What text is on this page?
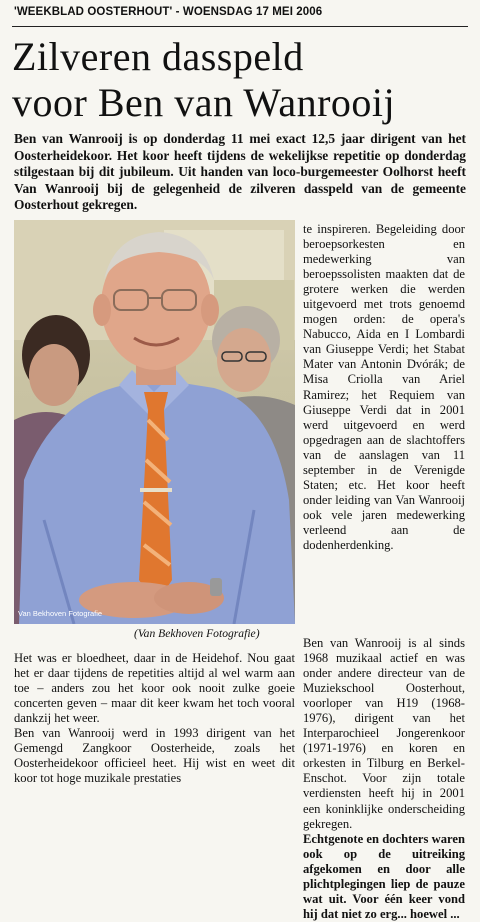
'WEEKBLAD OOSTERHOUT' - WOENSDAG 17 MEI 2006
Zilveren dasspeld
voor Ben van Wanrooij

Ben van Wanrooij is op donderdag 11 mei exact 12,5 jaar dirigent van het Oosterheidekoor. Het koor heeft tijdens de wekelijkse repetitie op donderdag stilgestaan bij dit jubileum. Uit handen van loco-burgemeester Oolhorst heeft Van Wanrooij bij de gelegenheid de zilveren dasspeld van de gemeente Oosterhout gekregen.

Van Bekhoven Fotografie
(Van Bekhoven Fotografie)

te inspireren. Begeleiding door beroepsorkesten en medewerking van beroepssolisten maakten dat de grotere werken die werden uitgevoerd met trots genoemd mogen orden: de opera's Nabucco, Aida en I Lombardi van Giuseppe Verdi; het Stabat Mater van Antonin Dvórák; de Misa Criolla van Ariel Ramirez; het Requiem van Giuseppe Verdi dat in 2001 werd uitgevoerd en werd opgedragen aan de slachtoffers van de aanslagen van 11 september in de Verenigde Staten; etc. Het koor heeft onder leiding van Van Wanrooij ook vele jaren medewerking verleend aan de dodenherdenking.

Het was er bloedheet, daar in de Heidehof. Nou gaat het er daar tijdens de repetities altijd al wel warm aan toe – anders zou het koor ook nooit zulke goeie concerten geven – maar dit keer kwam het toch vooral dankzij het weer.

Ben van Wanrooij werd in 1993 dirigent van het Gemengd Zangkoor Oosterheide, zoals het Oosterheidekoor officieel heet. Hij wist en weet dit koor tot hoge muzikale prestaties

Ben van Wanrooij is al sinds 1968 muzikaal actief en was onder andere directeur van de Muziekschool Oosterhout, voorloper van H19 (1968-1976), dirigent van het Interparochieel Jongerenkoor (1971-1976) en koren en orkesten in Tilburg en Berkel-Enschot. Voor zijn totale verdiensten heeft hij in 2001 een koninklijke onderscheiding gekregen.

Echtgenote en dochters waren ook op de uitreiking afgekomen en door alle plichtplegingen liep de pauze wat uit. Voor één keer vond hij dat niet zo erg... hoewel ...
